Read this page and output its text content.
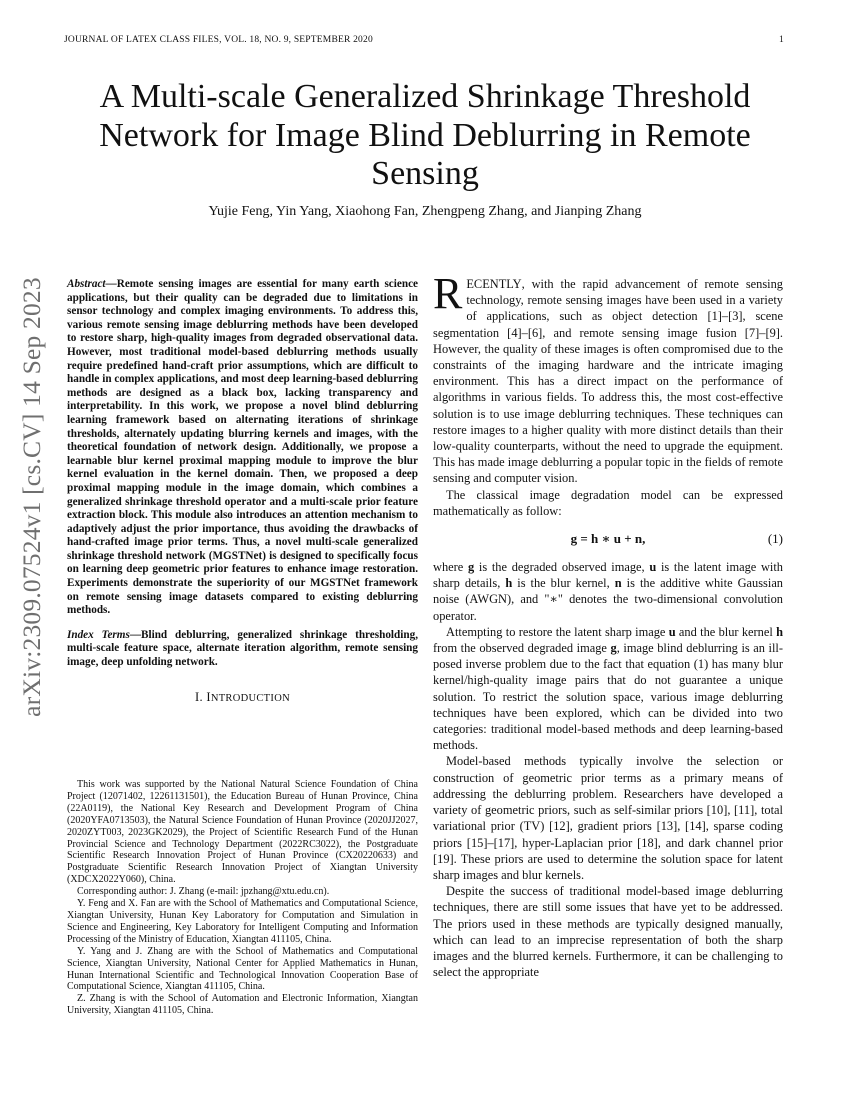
JOURNAL OF LATEX CLASS FILES, VOL. 18, NO. 9, SEPTEMBER 2020	1
arXiv:2309.07524v1 [cs.CV] 14 Sep 2023
A Multi-scale Generalized Shrinkage Threshold Network for Image Blind Deblurring in Remote Sensing
Yujie Feng, Yin Yang, Xiaohong Fan, Zhengpeng Zhang, and Jianping Zhang
Abstract—Remote sensing images are essential for many earth science applications, but their quality can be degraded due to limitations in sensor technology and complex imaging environments. To address this, various remote sensing image deblurring methods have been developed to restore sharp, high-quality images from degraded observational data. However, most traditional model-based deblurring methods usually require predefined hand-craft prior assumptions, which are difficult to handle in complex applications, and most deep learning-based deblurring methods are designed as a black box, lacking transparency and interpretability. In this work, we propose a novel blind deblurring learning framework based on alternating iterations of shrinkage thresholds, alternately updating blurring kernels and images, with the theoretical foundation of network design. Additionally, we propose a learnable blur kernel proximal mapping module to improve the blur kernel evaluation in the kernel domain. Then, we proposed a deep proximal mapping module in the image domain, which combines a generalized shrinkage threshold operator and a multi-scale prior feature extraction block. This module also introduces an attention mechanism to adaptively adjust the prior importance, thus avoiding the drawbacks of hand-crafted image prior terms. Thus, a novel multi-scale generalized shrinkage threshold network (MGSTNet) is designed to specifically focus on learning deep geometric prior features to enhance image restoration. Experiments demonstrate the superiority of our MGSTNet framework on remote sensing image datasets compared to existing deblurring methods.
Index Terms—Blind deblurring, generalized shrinkage thresholding, multi-scale feature space, alternate iteration algorithm, remote sensing image, deep unfolding network.
I. INTRODUCTION

This work was supported by the National Natural Science Foundation of China Project (12071402, 12261131501), the Education Bureau of Hunan Province, China (22A0119), the National Key Research and Development Program of China (2020YFA0713503), the Natural Science Foundation of Hunan Province (2020JJ2027, 2020ZYT003, 2023GK2029), the Project of Scientific Research Fund of the Hunan Provincial Science and Technology Department (2022RC3022), the Postgraduate Scientific Research Innovation Project of Hunan Province (CX20220633) and Postgraduate Scientific Research Innovation Project of Xiangtan University (XDCX2022Y060), China.

Corresponding author: J. Zhang (e-mail: jpzhang@xtu.edu.cn).

Y. Feng and X. Fan are with the School of Mathematics and Computational Science, Xiangtan University, Hunan Key Laboratory for Computation and Simulation in Science and Engineering, Key Laboratory for Intelligent Computing and Information Processing of the Ministry of Education, Xiangtan 411105, China.

Y. Yang and J. Zhang are with the School of Mathematics and Computational Science, Xiangtan University, National Center for Applied Mathematics in Hunan, Hunan International Scientific and Technological Innovation Cooperation Base of Computational Science, Xiangtan 411105, China.

Z. Zhang is with the School of Automation and Electronic Information, Xiangtan University, Xiangtan 411105, China.

RECENTLY, with the rapid advancement of remote sensing technology, remote sensing images have been used in a variety of applications, such as object detection [1]–[3], scene segmentation [4]–[6], and remote sensing image fusion [7]–[9]. However, the quality of these images is often compromised due to the constraints of the imaging hardware and the intricate imaging environment. This has a direct impact on the performance of algorithms in various fields. To address this, the most cost-effective solution is to use image deblurring techniques. These techniques can restore images to a higher quality with more distinct details than their low-quality counterparts, without the need to upgrade the equipment. This has made image deblurring a popular topic in the fields of remote sensing and computer vision.

The classical image degradation model can be expressed mathematically as follow:

g = h ∗ u + n,	(1)

where g is the degraded observed image, u is the latent image with sharp details, h is the blur kernel, n is the additive white Gaussian noise (AWGN), and "∗" denotes the two-dimensional convolution operator.

Attempting to restore the latent sharp image u and the blur kernel h from the observed degraded image g, image blind deblurring is an ill-posed inverse problem due to the fact that equation (1) has many blur kernel/high-quality image pairs that do not guarantee a unique solution. To restrict the solution space, various image deblurring techniques have been explored, which can be divided into two categories: traditional model-based methods and deep learning-based methods.

Model-based methods typically involve the selection or construction of geometric prior terms as a primary means of addressing the deblurring problem. Researchers have developed a variety of geometric priors, such as self-similar priors [10], [11], total variational prior (TV) [12], gradient priors [13], [14], sparse coding priors [15]–[17], hyper-Laplacian prior [18], and dark channel prior [19]. These priors are used to determine the solution space for latent sharp images and blur kernels.

Despite the success of traditional model-based image deblurring techniques, there are still some issues that have yet to be addressed. The priors used in these methods are typically designed manually, which can lead to an imprecise representation of both the sharp images and the blurred kernels. Furthermore, it can be challenging to select the appropriate
